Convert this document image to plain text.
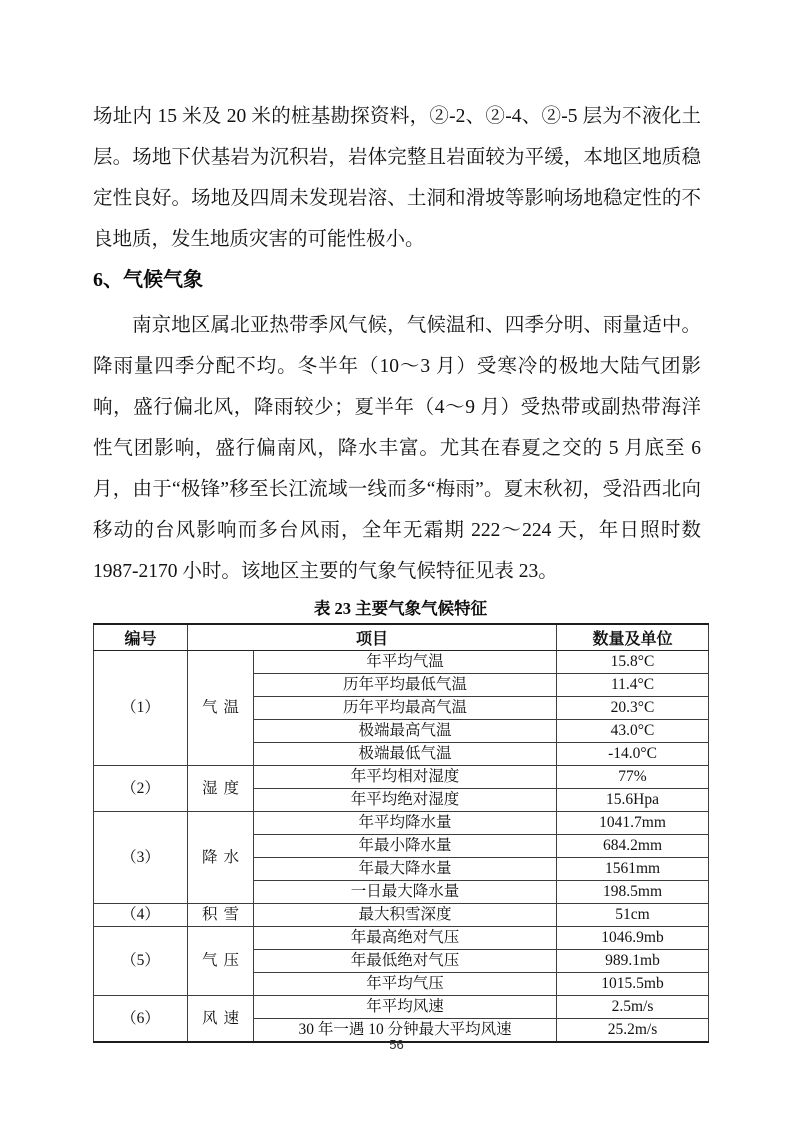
场址内 15 米及 20 米的桩基勘探资料，②-2、②-4、②-5 层为不液化土层。场地下伏基岩为沉积岩，岩体完整且岩面较为平缓，本地区地质稳定性良好。场地及四周未发现岩溶、土洞和滑坡等影响场地稳定性的不良地质，发生地质灾害的可能性极小。

6、气候气象

南京地区属北亚热带季风气候，气候温和、四季分明、雨量适中。降雨量四季分配不均。冬半年（10～3 月）受寒冷的极地大陆气团影响，盛行偏北风，降雨较少；夏半年（4～9 月）受热带或副热带海洋性气团影响，盛行偏南风，降水丰富。尤其在春夏之交的 5 月底至 6 月，由于“极锋”移至长江流域一线而多“梅雨”。夏末秋初，受沿西北向移动的台风影响而多台风雨，全年无霜期 222～224 天，年日照时数 1987-2170 小时。该地区主要的气象气候特征见表 23。

表 23 主要气象气候特征
编号	项目		数量及单位
（1）	气温	年平均气温	15.8°C
		历年平均最低气温	11.4°C
		历年平均最高气温	20.3°C
		极端最高气温	43.0°C
		极端最低气温	-14.0°C
（2）	湿度	年平均相对湿度	77%
		年平均绝对湿度	15.6Hpa
（3）	降水	年平均降水量	1041.7mm
		年最小降水量	684.2mm
		年最大降水量	1561mm
		一日最大降水量	198.5mm
（4）	积雪	最大积雪深度	51cm
（5）	气压	年最高绝对气压	1046.9mb
		年最低绝对气压	989.1mb
		年平均气压	1015.5mb
（6）	风速	年平均风速	2.5m/s
		30 年一遇 10 分钟最大平均风速	25.2m/s
56
